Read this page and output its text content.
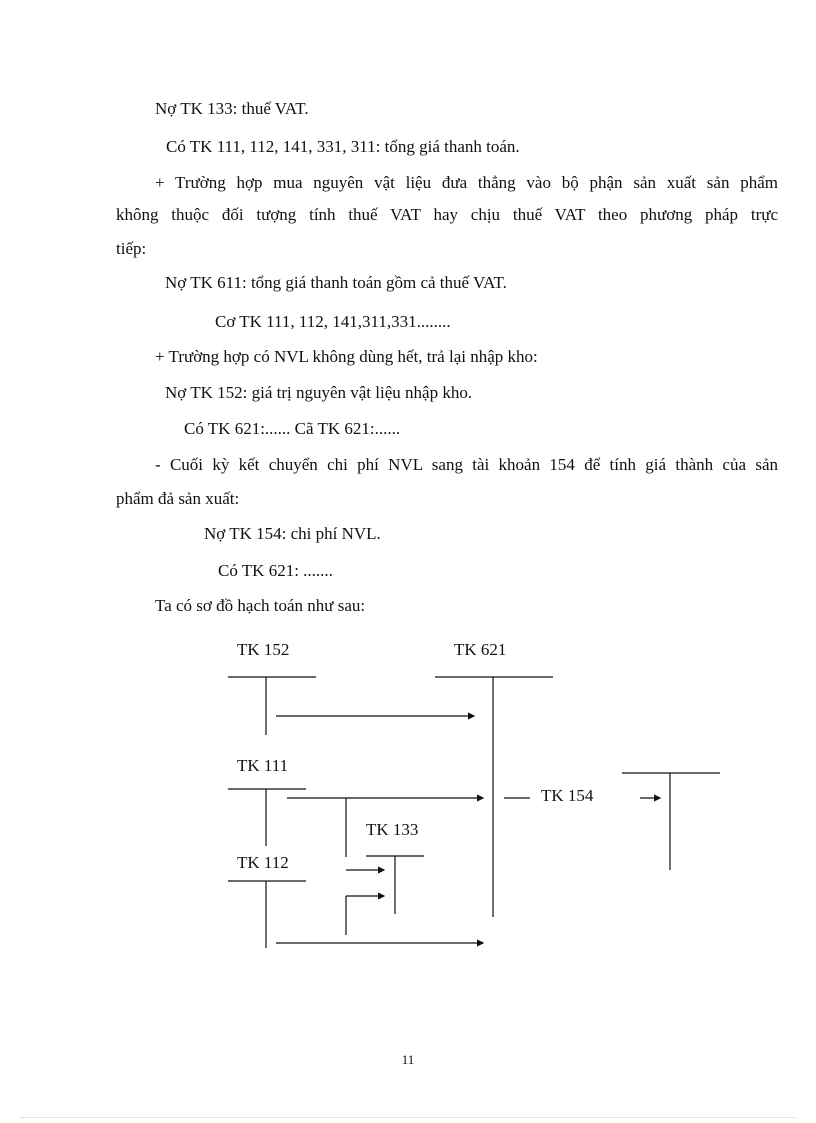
Nợ TK 133: thuế VAT.
Có TK 111, 112, 141, 331, 311: tổng giá thanh toán.
+ Trường hợp mua nguyên vật liệu đưa thẳng vào bộ phận sản xuất sản phẩm
không thuộc đối tượng tính thuế VAT hay chịu thuế VAT theo phương pháp trực
tiếp:
Nợ TK 611: tổng giá thanh toán gồm cả thuế VAT.
Cơ TK 111, 112, 141,311,331........
+ Trường hợp có NVL không dùng hết, trả lại nhập kho:
Nợ TK 152: giá trị nguyên vật liệu nhập kho.
Có TK 621:...... Cã TK 621:......
- Cuối kỳ kết chuyển chi phí NVL sang tài khoản 154 để tính giá thành của sản
phẩm đả sản xuất:
Nợ TK 154: chi phí NVL.
Có TK 621: .......
Ta có sơ đồ hạch toán như sau:
TK 152	TK 621
TK 111
TK 154
TK 133
TK 112
11
